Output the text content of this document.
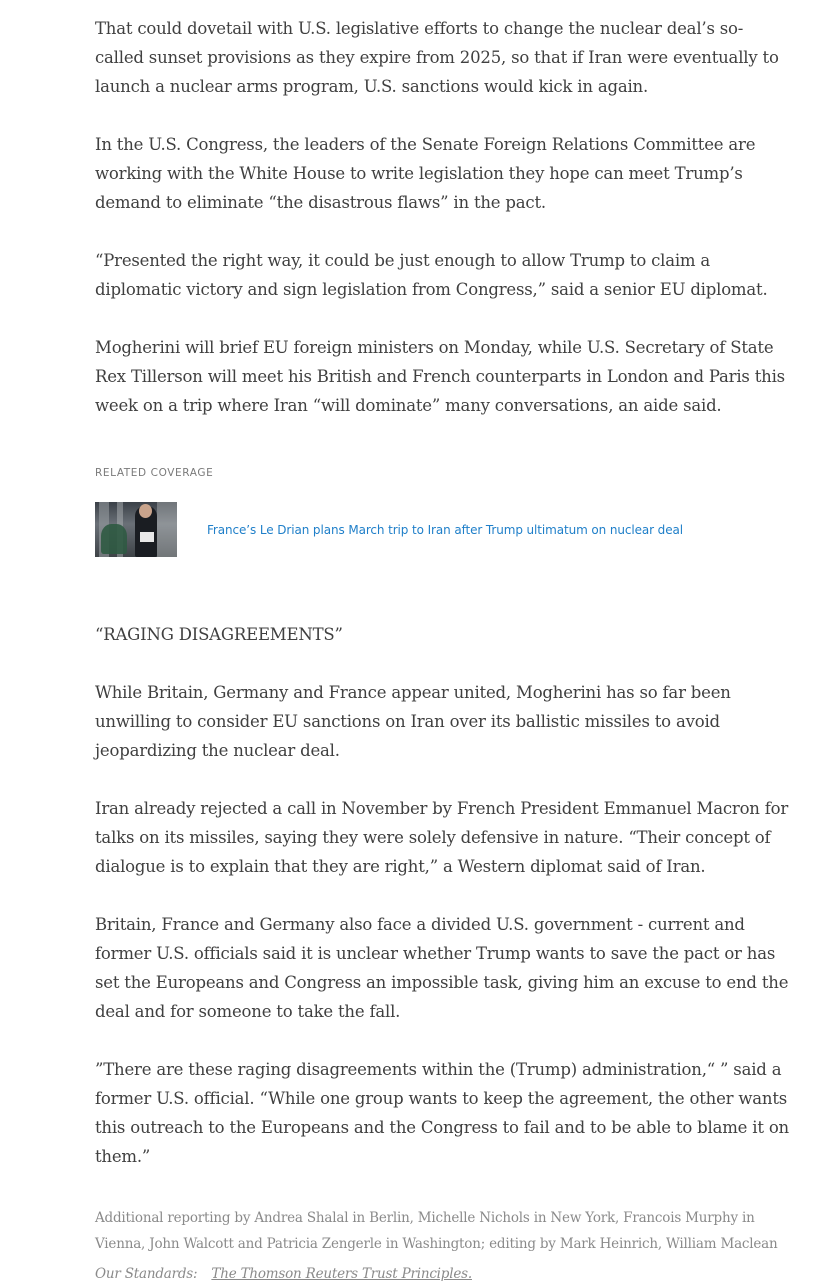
That could dovetail with U.S. legislative efforts to change the nuclear deal’s so-called sunset provisions as they expire from 2025, so that if Iran were eventually to launch a nuclear arms program, U.S. sanctions would kick in again.

In the U.S. Congress, the leaders of the Senate Foreign Relations Committee are working with the White House to write legislation they hope can meet Trump’s demand to eliminate “the disastrous flaws” in the pact.

“Presented the right way, it could be just enough to allow Trump to claim a diplomatic victory and sign legislation from Congress,” said a senior EU diplomat.

Mogherini will brief EU foreign ministers on Monday, while U.S. Secretary of State Rex Tillerson will meet his British and French counterparts in London and Paris this week on a trip where Iran “will dominate” many conversations, an aide said.

RELATED COVERAGE
France’s Le Drian plans March trip to Iran after Trump ultimatum on nuclear deal

“RAGING DISAGREEMENTS”

While Britain, Germany and France appear united, Mogherini has so far been unwilling to consider EU sanctions on Iran over its ballistic missiles to avoid jeopardizing the nuclear deal.

Iran already rejected a call in November by French President Emmanuel Macron for talks on its missiles, saying they were solely defensive in nature. “Their concept of dialogue is to explain that they are right,” a Western diplomat said of Iran.

Britain, France and Germany also face a divided U.S. government - current and former U.S. officials said it is unclear whether Trump wants to save the pact or has set the Europeans and Congress an impossible task, giving him an excuse to end the deal and for someone to take the fall.

”There are these raging disagreements within the (Trump) administration,“ ” said a former U.S. official. “While one group wants to keep the agreement, the other wants this outreach to the Europeans and the Congress to fail and to be able to blame it on them.”

Additional reporting by Andrea Shalal in Berlin, Michelle Nichols in New York, Francois Murphy in Vienna, John Walcott and Patricia Zengerle in Washington; editing by Mark Heinrich, William Maclean
Our Standards: The Thomson Reuters Trust Principles.
